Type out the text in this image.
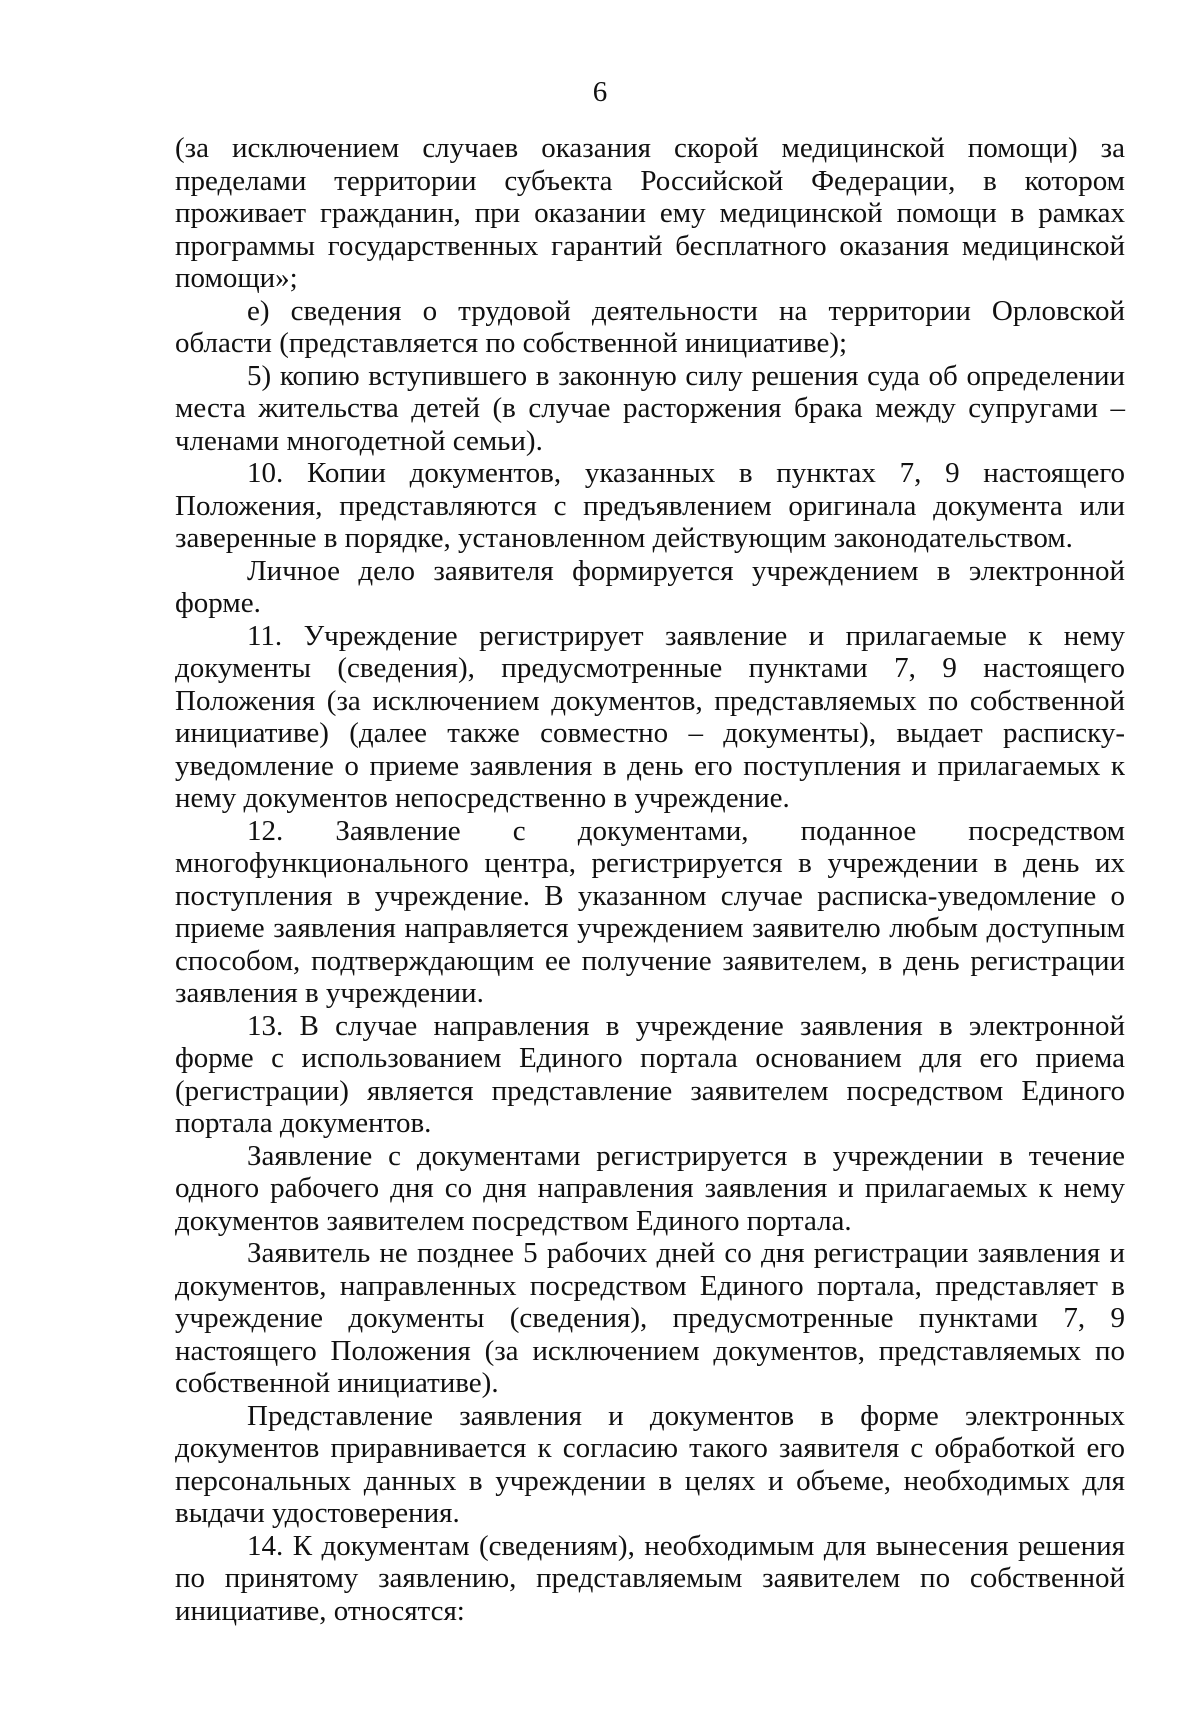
6

(за исключением случаев оказания скорой медицинской помощи) за пределами территории субъекта Российской Федерации, в котором проживает гражданин, при оказании ему медицинской помощи в рамках программы государственных гарантий бесплатного оказания медицинской помощи»;

е) сведения о трудовой деятельности на территории Орловской области (представляется по собственной инициативе);

5) копию вступившего в законную силу решения суда об определении места жительства детей (в случае расторжения брака между супругами – членами многодетной семьи).

10. Копии документов, указанных в пунктах 7, 9 настоящего Положения, представляются с предъявлением оригинала документа или заверенные в порядке, установленном действующим законодательством.

Личное дело заявителя формируется учреждением в электронной форме.

11. Учреждение регистрирует заявление и прилагаемые к нему документы (сведения), предусмотренные пунктами 7, 9 настоящего Положения (за исключением документов, представляемых по собственной инициативе) (далее также совместно – документы), выдает расписку-уведомление о приеме заявления в день его поступления и прилагаемых к нему документов непосредственно в учреждение.

12. Заявление с документами, поданное посредством многофункционального центра, регистрируется в учреждении в день их поступления в учреждение. В указанном случае расписка-уведомление о приеме заявления направляется учреждением заявителю любым доступным способом, подтверждающим ее получение заявителем, в день регистрации заявления в учреждении.

13. В случае направления в учреждение заявления в электронной форме с использованием Единого портала основанием для его приема (регистрации) является представление заявителем посредством Единого портала документов.

Заявление с документами регистрируется в учреждении в течение одного рабочего дня со дня направления заявления и прилагаемых к нему документов заявителем посредством Единого портала.

Заявитель не позднее 5 рабочих дней со дня регистрации заявления и документов, направленных посредством Единого портала, представляет в учреждение документы (сведения), предусмотренные пунктами 7, 9 настоящего Положения (за исключением документов, представляемых по собственной инициативе).

Представление заявления и документов в форме электронных документов приравнивается к согласию такого заявителя с обработкой его персональных данных в учреждении в целях и объеме, необходимых для выдачи удостоверения.

14. К документам (сведениям), необходимым для вынесения решения по принятому заявлению, представляемым заявителем по собственной инициативе, относятся:
